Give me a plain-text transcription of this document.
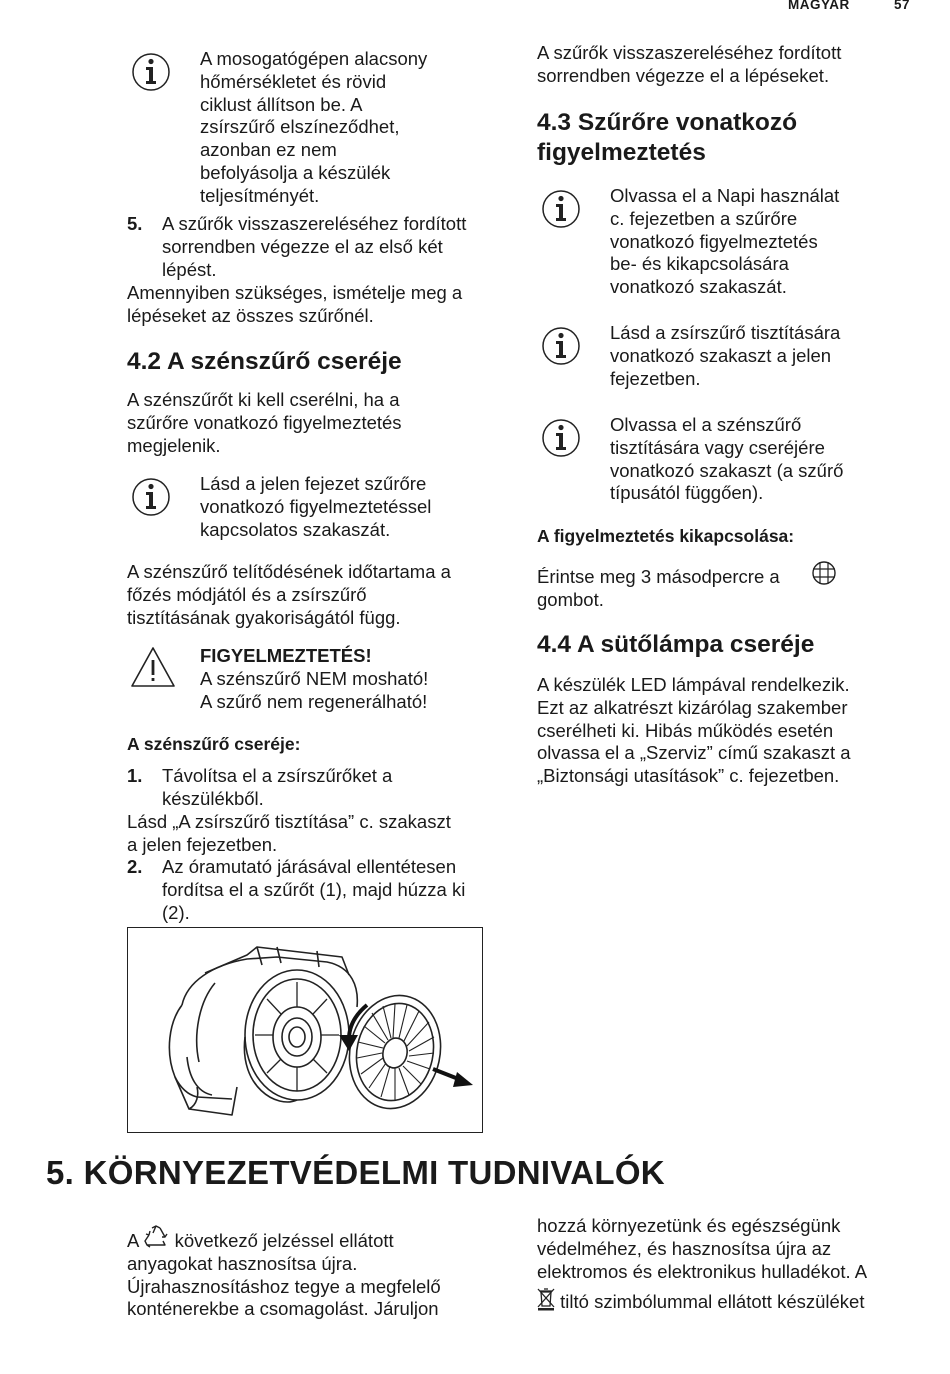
MAGYAR	57

A mosogatógépen alacsony

hőmérsékletet és rövid

ciklust állítson be. A

zsírszűrő elszíneződhet,

azonban ez nem

befolyásolja a készülék

teljesítményét.

5. A szűrők visszaszereléséhez fordított

sorrendben végezze el az első két

lépést.

Amennyiben szükséges, ismételje meg a

lépéseket az összes szűrőnél.

4.2 A szénszűrő cseréje

A szénszűrőt ki kell cserélni, ha a

szűrőre vonatkozó figyelmeztetés

megjelenik.

Lásd a jelen fejezet szűrőre

vonatkozó figyelmeztetéssel

kapcsolatos szakaszát.

A szénszűrő telítődésének időtartama a

főzés módjától és a zsírszűrő

tisztításának gyakoriságától függ.

FIGYELMEZTETÉS!

A szénszűrő NEM mosható!

A szűrő nem regenerálható!

A szénszűrő cseréje:

1. Távolítsa el a zsírszűrőket a

készülékből.

Lásd „A zsírszűrő tisztítása” c. szakaszt

a jelen fejezetben.

2. Az óramutató járásával ellentétesen

fordítsa el a szűrőt (1), majd húzza ki

(2).

A szűrők visszaszereléséhez fordított

sorrendben végezze el a lépéseket.

4.3 Szűrőre vonatkozó

figyelmeztetés

Olvassa el a Napi használat

c. fejezetben a szűrőre

vonatkozó figyelmeztetés

be- és kikapcsolására

vonatkozó szakaszát.

Lásd a zsírszűrő tisztítására

vonatkozó szakaszt a jelen

fejezetben.

Olvassa el a szénszűrő

tisztítására vagy cseréjére

vonatkozó szakaszt (a szűrő

típusától függően).

A figyelmeztetés kikapcsolása:

Érintse meg 3 másodpercre a

gombot.

4.4 A sütőlámpa cseréje

A készülék LED lámpával rendelkezik.

Ezt az alkatrészt kizárólag szakember

cserélheti ki. Hibás működés esetén

olvassa el a „Szerviz” című szakaszt a

„Biztonsági utasítások” c. fejezetben.

5. KÖRNYEZETVÉDELMI TUDNIVALÓK

A következő jelzéssel ellátott

anyagokat hasznosítsa újra.

Újrahasznosításhoz tegye a megfelelő

konténerekbe a csomagolást. Járuljon

hozzá környezetünk és egészségünk

védelméhez, és hasznosítsa újra az

elektromos és elektronikus hulladékot. A

tiltó szimbólummal ellátott készüléket
